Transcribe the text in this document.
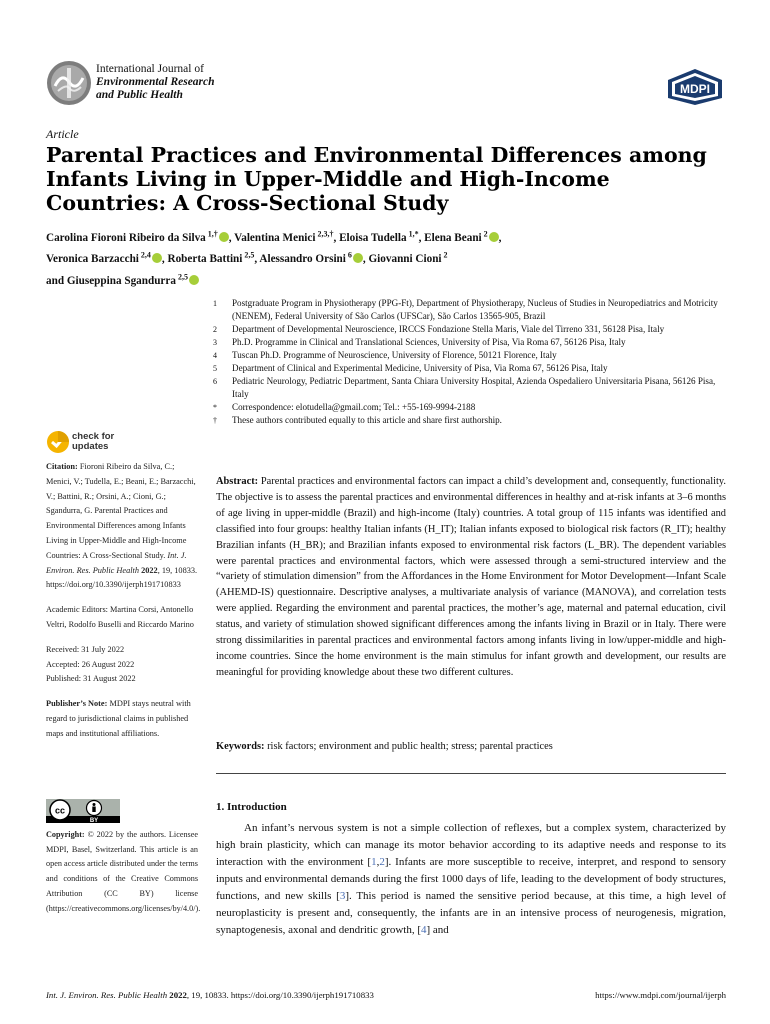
International Journal of
Environmental Research
and Public Health	MDPI
Article
Parental Practices and Environmental Differences among Infants Living in Upper-Middle and High-Income Countries: A Cross-Sectional Study
Carolina Fioroni Ribeiro da Silva $^{1,\dagger}$ , Valentina Menici $^{2,3,\dagger}$, Eloisa Tudella $^{1,*}$, Elena Beani $^2$ ,
Veronica Barzacchi $^{2,4}$ , Roberta Battini $^{2,5}$, Alessandro Orsini $^6$ , Giovanni Cioni $^2$
and Giuseppina Sgandurra $^{2,5}$
1	Postgraduate Program in Physiotherapy (PPG-Ft), Department of Physiotherapy, Nucleus of Studies in Neuropediatrics and Motricity (NENEM), Federal University of São Carlos (UFSCar), São Carlos 13565-905, Brazil
2	Department of Developmental Neuroscience, IRCCS Fondazione Stella Maris, Viale del Tirreno 331, 56128 Pisa, Italy
3	Ph.D. Programme in Clinical and Translational Sciences, University of Pisa, Via Roma 67, 56126 Pisa, Italy
4	Tuscan Ph.D. Programme of Neuroscience, University of Florence, 50121 Florence, Italy
5	Department of Clinical and Experimental Medicine, University of Pisa, Via Roma 67, 56126 Pisa, Italy
6	Pediatric Neurology, Pediatric Department, Santa Chiara University Hospital, Azienda Ospedaliero Universitaria Pisana, 56126 Pisa, Italy
*	Correspondence: elotudella@gmail.com; Tel.: +55-169-9994-2188
†	These authors contributed equally to this article and share first authorship.
check for
updates

Citation: Fioroni Ribeiro da Silva, C.; Menici, V.; Tudella, E.; Beani, E.; Barzacchi, V.; Battini, R.; Orsini, A.; Cioni, G.; Sgandurra, G. Parental Practices and Environmental Differences among Infants Living in Upper-Middle and High-Income Countries: A Cross-Sectional Study. Int. J. Environ. Res. Public Health 2022, 19, 10833. https://doi.org/10.3390/ijerph191710833

Academic Editors: Martina Corsi, Antonello Veltri, Rodolfo Buselli and Riccardo Marino

Received: 31 July 2022
Accepted: 26 August 2022
Published: 31 August 2022

Publisher’s Note: MDPI stays neutral with regard to jurisdictional claims in published maps and institutional affiliations.

cc
BY
Copyright: © 2022 by the authors. Licensee MDPI, Basel, Switzerland. This article is an open access article distributed under the terms and conditions of the Creative Commons Attribution (CC BY) license (https://creativecommons.org/licenses/by/4.0/).
Abstract: Parental practices and environmental factors can impact a child’s development and, consequently, functionality. The objective is to assess the parental practices and environmental differences in healthy and at-risk infants at 3–6 months of age living in upper-middle (Brazil) and high-income (Italy) countries. A total group of 115 infants was identified and classified into four groups: healthy Italian infants (H_IT); Italian infants exposed to biological risk factors (R_IT); healthy Brazilian infants (H_BR); and Brazilian infants exposed to environmental risk factors (L_BR). The dependent variables were parental practices and environmental factors, which were assessed through a semi-structured interview and the “variety of stimulation dimension” from the Affordances in the Home Environment for Motor Development—Infant Scale (AHEMD-IS) questionnaire. Descriptive analyses, a multivariate analysis of variance (MANOVA), and correlation tests were applied. Regarding the environment and parental practices, the mother’s age, maternal and paternal education, civil status, and variety of stimulation showed significant differences among the infants living in Brazil or in Italy. There were strong dissimilarities in parental practices and environmental factors among infants living in low/upper-middle and high-income countries. Since the home environment is the main stimulus for infant growth and development, our results are meaningful for providing knowledge about these two different cultures.
Keywords: risk factors; environment and public health; stress; parental practices
1. Introduction

An infant’s nervous system is not a simple collection of reflexes, but a complex system, characterized by high brain plasticity, which can manage its motor behavior according to its adaptive needs and response to its interaction with the environment [1,2]. Infants are more susceptible to receive, interpret, and respond to sensory inputs and environmental demands during the first 1000 days of life, leading to the development of body structures, functions, and new skills [3]. This period is named the sensitive period because, at this time, a high level of neuroplasticity is present and, consequently, the infants are in an intensive process of neurogenesis, migration, synaptogenesis, axonal and dendritic growth, [4] and

Int. J. Environ. Res. Public Health 2022, 19, 10833. https://doi.org/10.3390/ijerph191710833	https://www.mdpi.com/journal/ijerph
